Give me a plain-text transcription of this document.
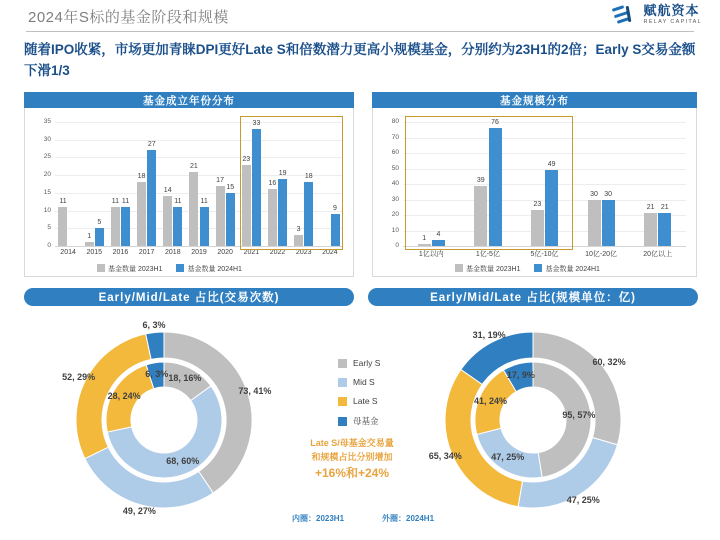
2024年S标的基金阶段和规模	赋航资本
RELAY CAPITAL
随着IPO收紧，市场更加青睐DPI更好Late S和倍数潜力更高小规模基金，分别约为23H1的2倍；Early S交易金额下滑1/3
基金成立年份分布
0
5
10
15
20
25
30
35
11
2014
1
5
2015
11 11
2016
18
27
2017
14
11
2018
21
11
2019
17
15
2020
23
33
2021
16
19
2022
3
18
2023
9
2024
基金数量 2023H1	基金数量 2024H1
基金规模分布
0
10
20
30
40
50
60
70
80
1
4
1亿以内
39
76
1亿-5亿
23
49
5亿-10亿
30 30
10亿-20亿
21 21
20亿以上
基金数量 2023H1	基金数量 2024H1
Early/Mid/Late 占比(交易次数)
73, 41%
49, 27%
52, 29%
6, 3%
18, 16%
68, 60%
28, 24%
6, 3%
Early/Mid/Late 占比(规模单位：亿)
60, 32%
47, 25%
65, 34%
31, 19%
95, 57%
47, 25%
41, 24%
17, 9%
Early S
Mid S
Late S
母基金
Late S/母基金交易量
和规模占比分别增加
+16%和+24%
内圈：2023H1	外圈：2024H1
